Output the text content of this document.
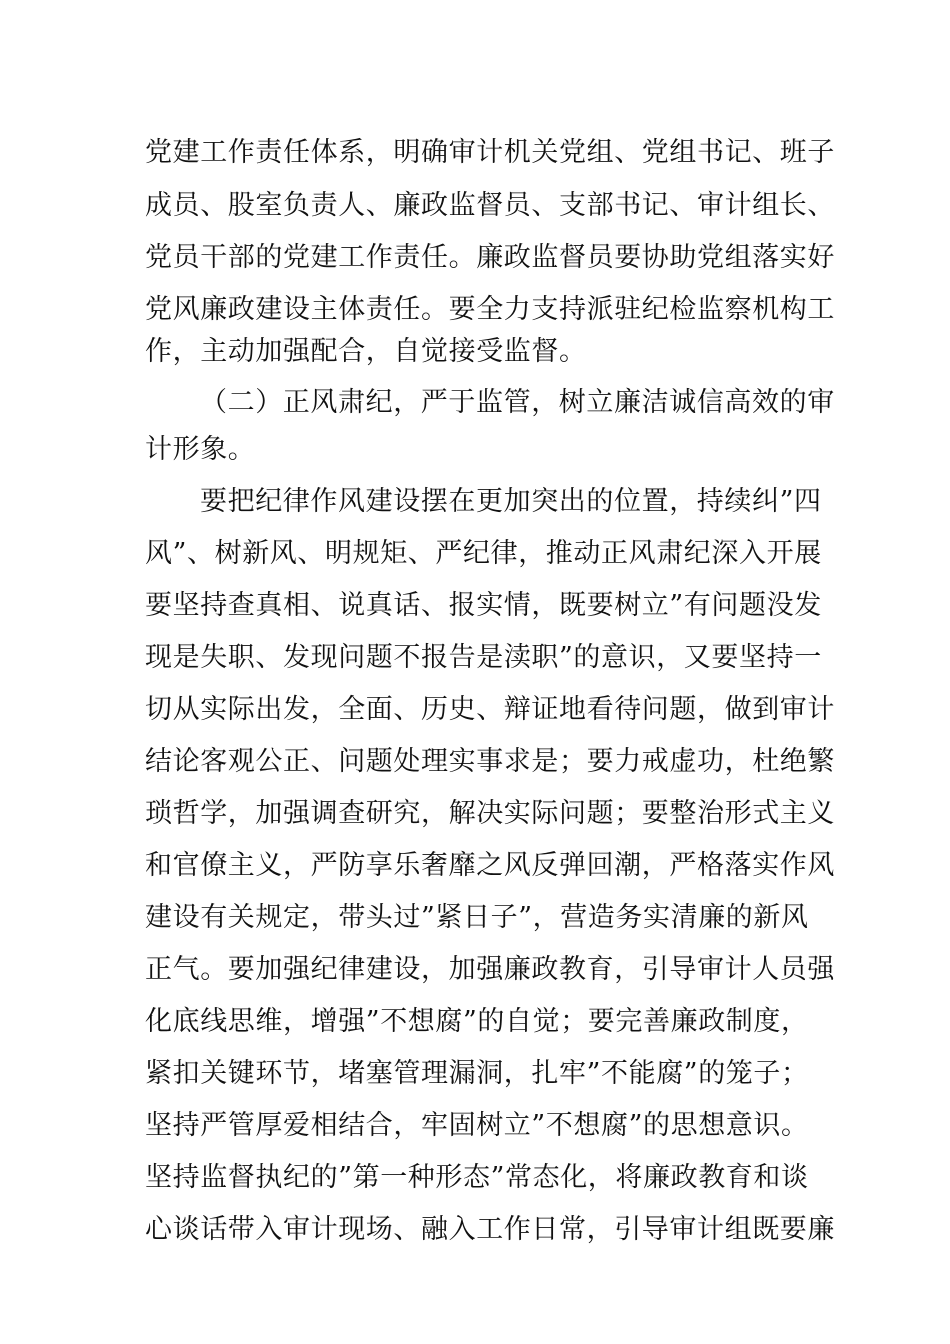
党建工作责任体系，明确审计机关党组、党组书记、班子
成员、股室负责人、廉政监督员、支部书记、审计组长、
党员干部的党建工作责任。廉政监督员要协助党组落实好
党风廉政建设主体责任。要全力支持派驻纪检监察机构工
作，主动加强配合，自觉接受监督。
（二）正风肃纪，严于监管，树立廉洁诚信高效的审
计形象。
要把纪律作风建设摆在更加突出的位置，持续纠”四
风”、树新风、明规矩、严纪律，推动正风肃纪深入开展
要坚持查真相、说真话、报实情，既要树立”有问题没发
现是失职、发现问题不报告是渎职”的意识，又要坚持一
切从实际出发，全面、历史、辩证地看待问题，做到审计
结论客观公正、问题处理实事求是；要力戒虚功，杜绝繁
琐哲学，加强调查研究，解决实际问题；要整治形式主义
和官僚主义，严防享乐奢靡之风反弹回潮，严格落实作风
建设有关规定，带头过”紧日子”，营造务实清廉的新风
正气。要加强纪律建设，加强廉政教育，引导审计人员强
化底线思维，增强”不想腐”的自觉；要完善廉政制度，
紧扣关键环节，堵塞管理漏洞，扎牢”不能腐”的笼子；
坚持严管厚爱相结合，牢固树立”不想腐”的思想意识。
坚持监督执纪的”第一种形态”常态化，将廉政教育和谈
心谈话带入审计现场、融入工作日常，引导审计组既要廉
